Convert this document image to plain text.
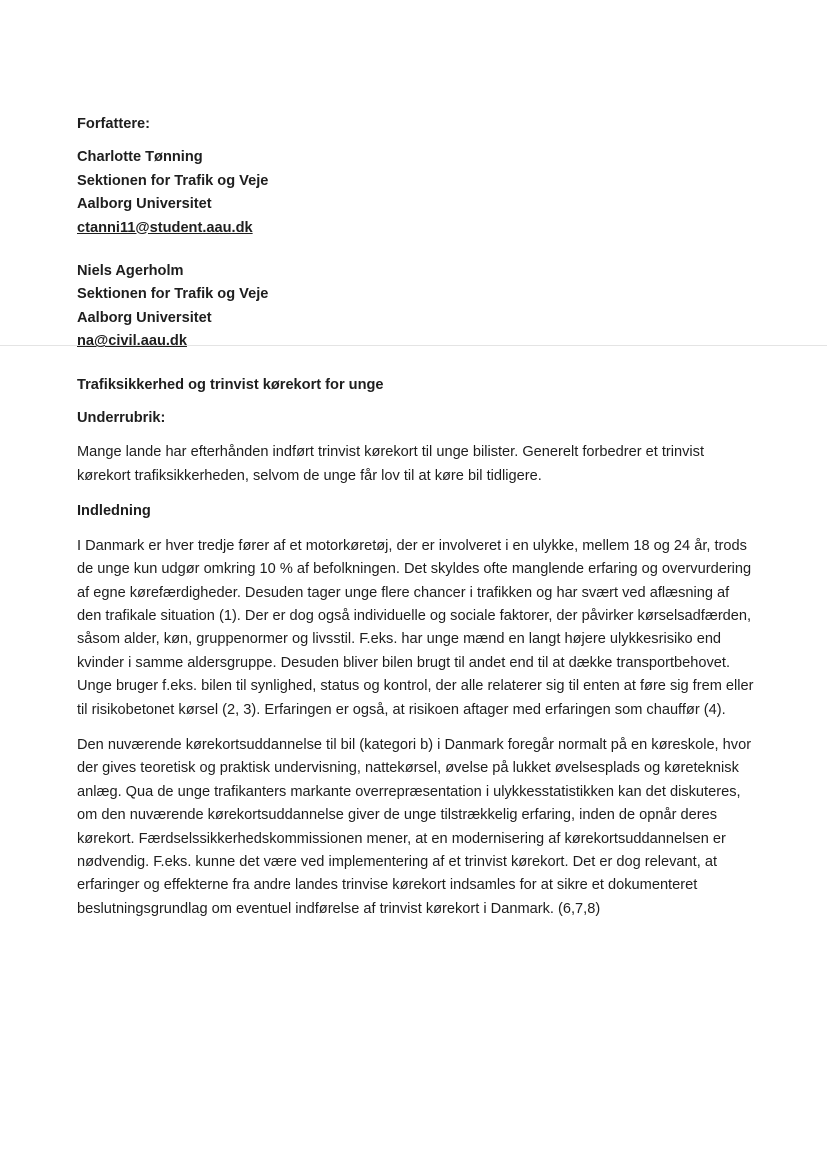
Forfattere:
Charlotte Tønning
Sektionen for Trafik og Veje
Aalborg Universitet
ctanni11@student.aau.dk
Niels Agerholm
Sektionen for Trafik og Veje
Aalborg Universitet
na@civil.aau.dk
Trafiksikkerhed og trinvist kørekort for unge
Underrubrik:

Mange lande har efterhånden indført trinvist kørekort til unge bilister. Generelt forbedrer et trinvist kørekort trafiksikkerheden, selvom de unge får lov til at køre bil tidligere.

Indledning

I Danmark er hver tredje fører af et motorkøretøj, der er involveret i en ulykke, mellem 18 og 24 år, trods de unge kun udgør omkring 10 % af befolkningen. Det skyldes ofte manglende erfaring og overvurdering af egne kørefærdigheder. Desuden tager unge flere chancer i trafikken og har svært ved aflæsning af den trafikale situation (1). Der er dog også individuelle og sociale faktorer, der påvirker kørselsadfærden, såsom alder, køn, gruppenormer og livsstil. F.eks. har unge mænd en langt højere ulykkesrisiko end kvinder i samme aldersgruppe. Desuden bliver bilen brugt til andet end til at dække transportbehovet. Unge bruger f.eks. bilen til synlighed, status og kontrol, der alle relaterer sig til enten at føre sig frem eller til risikobetonet kørsel (2, 3). Erfaringen er også, at risikoen aftager med erfaringen som chauffør (4).

Den nuværende kørekortsuddannelse til bil (kategori b) i Danmark foregår normalt på en køreskole, hvor der gives teoretisk og praktisk undervisning, nattekørsel, øvelse på lukket øvelsesplads og køreteknisk anlæg. Qua de unge trafikanters markante overrepræsentation i ulykkesstatistikken kan det diskuteres, om den nuværende kørekortsuddannelse giver de unge tilstrækkelig erfaring, inden de opnår deres kørekort. Færdselssikkerhedskommissionen mener, at en modernisering af kørekortsuddannelsen er nødvendig. F.eks. kunne det være ved implementering af et trinvist kørekort. Det er dog relevant, at erfaringer og effekterne fra andre landes trinvise kørekort indsamles for at sikre et dokumenteret beslutningsgrundlag om eventuel indførelse af trinvist kørekort i Danmark. (6,7,8)
